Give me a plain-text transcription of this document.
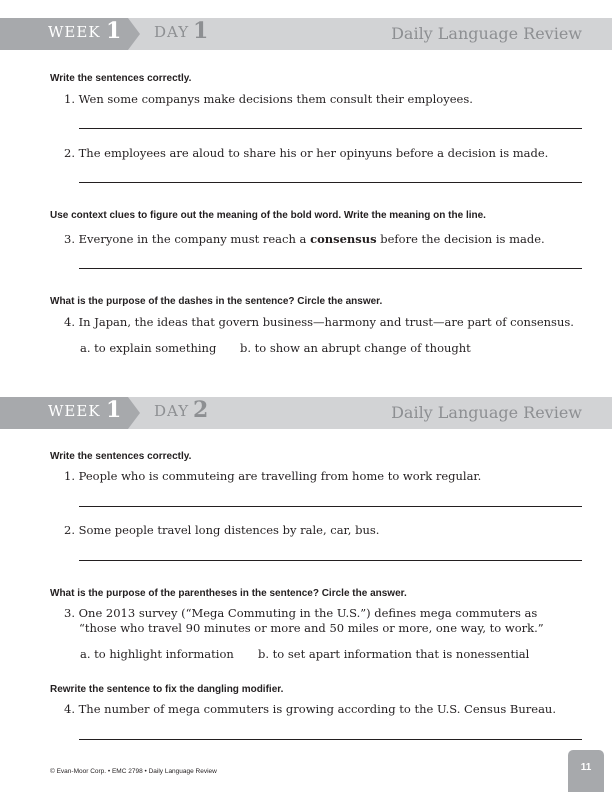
WEEK 1 DAY 1	Daily Language Review
Write the sentences correctly.
1. Wen some companys make decisions them consult their employees.
2. The employees are aloud to share his or her opinyuns before a decision is made.
Use context clues to figure out the meaning of the bold word. Write the meaning on the line.
3. Everyone in the company must reach a consensus before the decision is made.
What is the purpose of the dashes in the sentence? Circle the answer.
4. In Japan, the ideas that govern business—harmony and trust—are part of consensus.
a. to explain something b. to show an abrupt change of thought
WEEK 1 DAY 2	Daily Language Review
Write the sentences correctly.
1. People who is commuteing are travelling from home to work regular.
2. Some people travel long distences by rale, car, bus.
What is the purpose of the parentheses in the sentence? Circle the answer.
3. One 2013 survey (“Mega Commuting in the U.S.”) defines mega commuters as
“those who travel 90 minutes or more and 50 miles or more, one way, to work.”
a. to highlight information b. to set apart information that is nonessential
Rewrite the sentence to fix the dangling modifier.
4. The number of mega commuters is growing according to the U.S. Census Bureau.
© Evan-Moor Corp. • EMC 2798 • Daily Language Review	11
